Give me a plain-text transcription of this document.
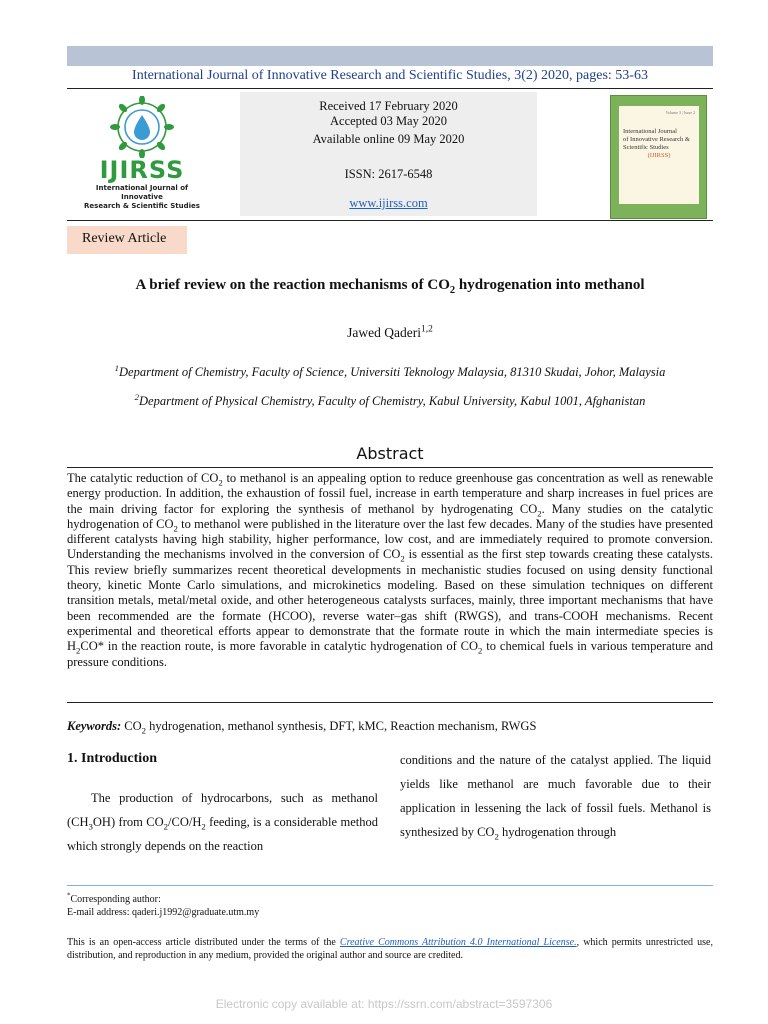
International Journal of Innovative Research and Scientific Studies, 3(2) 2020, pages: 53-63
IJIRSS
International Journal of Innovative
Research & Scientific Studies
Received 17 February 2020
Accepted 03 May 2020
Available online 09 May 2020
ISSN: 2617-6548
www.ijirss.com
Volume 3 | Issue 2
International Journal
of Innovative Research &
Scientific Studies
(IJIRSS)
Review Article
A brief review on the reaction mechanisms of $CO_2$ hydrogenation into methanol
Jawed Qaderi$^{1,2}$
$^1$Department of Chemistry, Faculty of Science, Universiti Teknology Malaysia, 81310 Skudai, Johor, Malaysia
$^2$Department of Physical Chemistry, Faculty of Chemistry, Kabul University, Kabul 1001, Afghanistan
Abstract
The catalytic reduction of $CO_2$ to methanol is an appealing option to reduce greenhouse gas concentration as well as renewable energy production. In addition, the exhaustion of fossil fuel, increase in earth temperature and sharp increases in fuel prices are the main driving factor for exploring the synthesis of methanol by hydrogenating $CO_2$. Many studies on the catalytic hydrogenation of $CO_2$ to methanol were published in the literature over the last few decades. Many of the studies have presented different catalysts having high stability, higher performance, low cost, and are immediately required to promote conversion. Understanding the mechanisms involved in the conversion of $CO_2$ is essential as the first step towards creating these catalysts. This review briefly summarizes recent theoretical developments in mechanistic studies focused on using density functional theory, kinetic Monte Carlo simulations, and microkinetics modeling. Based on these simulation techniques on different transition metals, metal/metal oxide, and other heterogeneous catalysts surfaces, mainly, three important mechanisms that have been recommended are the formate (HCOO), reverse water–gas shift (RWGS), and trans-COOH mechanisms. Recent experimental and theoretical efforts appear to demonstrate that the formate route in which the main intermediate species is $H_2CO*$ in the reaction route, is more favorable in catalytic hydrogenation of $CO_2$ to chemical fuels in various temperature and pressure conditions.
Keywords: $CO_2$ hydrogenation, methanol synthesis, DFT, kMC, Reaction mechanism, RWGS
1. Introduction
The production of hydrocarbons, such as methanol $(CH_3OH)$ from $CO_2/CO/H_2$ feeding, is a considerable method which strongly depends on the reaction
conditions and the nature of the catalyst applied. The liquid yields like methanol are much favorable due to their application in lessening the lack of fossil fuels. Methanol is synthesized by $CO_2$ hydrogenation through
*Corresponding author:
E-mail address: qaderi.j1992@graduate.utm.my
This is an open-access article distributed under the terms of the Creative Commons Attribution 4.0 International License., which permits unrestricted use, distribution, and reproduction in any medium, provided the original author and source are credited.
Electronic copy available at: https://ssrn.com/abstract=3597306
